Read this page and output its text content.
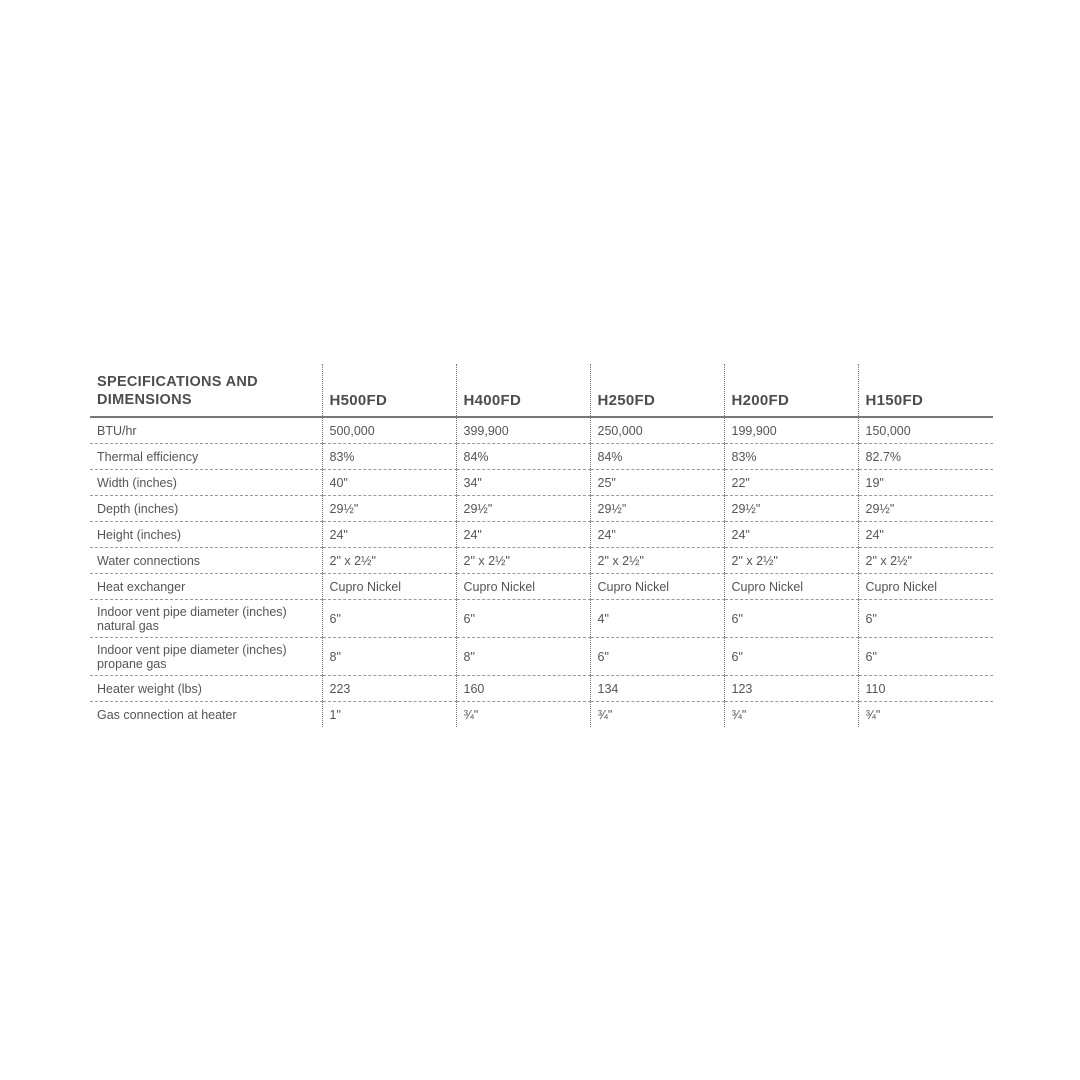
SPECIFICATIONS AND
DIMENSIONS	H500FD	H400FD	H250FD	H200FD	H150FD
BTU/hr	500,000	399,900	250,000	199,900	150,000
Thermal efficiency	83%	84%	84%	83%	82.7%
Width (inches)	40"	34"	25"	22"	19"
Depth (inches)	29½"	29½"	29½"	29½"	29½"
Height (inches)	24"	24"	24"	24"	24"
Water connections	2" x 2½"	2" x 2½"	2" x 2½"	2" x 2½"	2" x 2½"
Heat exchanger	Cupro Nickel	Cupro Nickel	Cupro Nickel	Cupro Nickel	Cupro Nickel
Indoor vent pipe diameter (inches)
natural gas	6"	6"	4"	6"	6"
Indoor vent pipe diameter (inches)
propane gas	8"	8"	6"	6"	6"
Heater weight (lbs)	223	160	134	123	110
Gas connection at heater	1"	¾"	¾"	¾"	¾"
